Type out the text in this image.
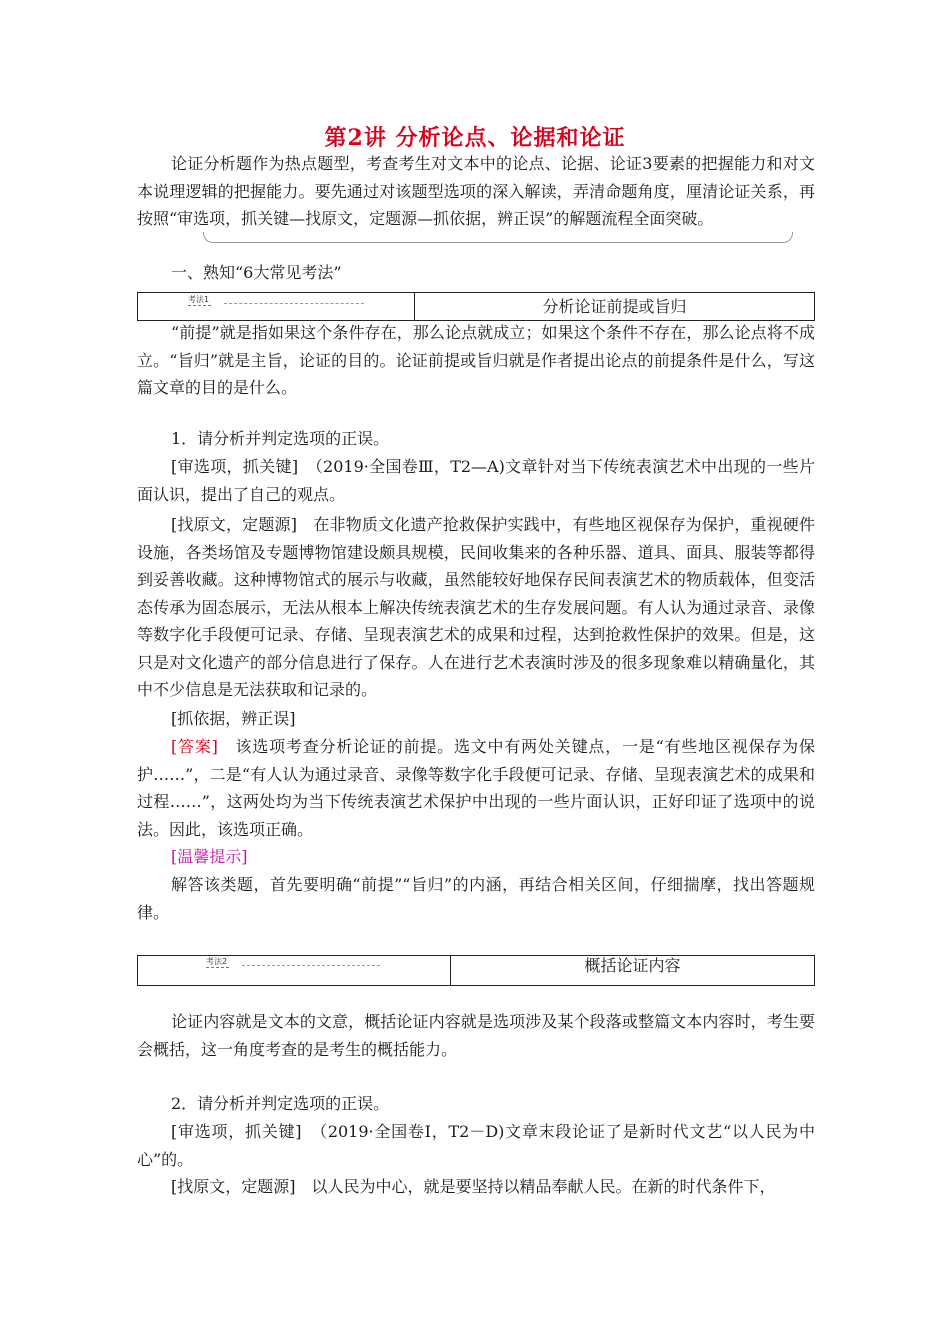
第2讲 分析论点、论据和论证
论证分析题作为热点题型，考查考生对文本中的论点、论据、论证3要素的把握能力和对文本说理逻辑的把握能力。要先通过对该题型选项的深入解读，弄清命题角度，厘清论证关系，再按照“审选项，抓关键—找原文，定题源—抓依据，辨正误”的解题流程全面突破。
一、熟知“6大常见考法”
考法1	分析论证前提或旨归
“前提”就是指如果这个条件存在，那么论点就成立；如果这个条件不存在，那么论点将不成立。“旨归”就是主旨，论证的目的。论证前提或旨归就是作者提出论点的前提条件是什么，写这篇文章的目的是什么。
1．请分析并判定选项的正误。
[审选项，抓关键]　 （2019·全国卷Ⅲ，T2—A)文章针对当下传统表演艺术中出现的一些片面认识，提出了自己的观点。
[找原文，定题源]　 在非物质文化遗产抢救保护实践中，有些地区视保存为保护，重视硬件设施，各类场馆及专题博物馆建设颇具规模，民间收集来的各种乐器、道具、面具、服装等都得到妥善收藏。这种博物馆式的展示与收藏，虽然能较好地保存民间表演艺术的物质载体，但变活态传承为固态展示，无法从根本上解决传统表演艺术的生存发展问题。有人认为通过录音、录像等数字化手段便可记录、存储、呈现表演艺术的成果和过程，达到抢救性保护的效果。但是，这只是对文化遗产的部分信息进行了保存。人在进行艺术表演时涉及的很多现象难以精确量化，其中不少信息是无法获取和记录的。
[抓依据，辨正误]
[答案]　 该选项考查分析论证的前提。选文中有两处关键点，一是“有些地区视保存为保护……”，二是“有人认为通过录音、录像等数字化手段便可记录、存储、呈现表演艺术的成果和过程……”，这两处均为当下传统表演艺术保护中出现的一些片面认识，正好印证了选项中的说法。因此，该选项正确。
[温馨提示]
解答该类题，首先要明确“前提”“旨归”的内涵，再结合相关区间，仔细揣摩，找出答题规律。
考法2	概括论证内容
论证内容就是文本的文意，概括论证内容就是选项涉及某个段落或整篇文本内容时，考生要会概括，这一角度考查的是考生的概括能力。
2．请分析并判定选项的正误。
[审选项，抓关键]　 （2019·全国卷Ⅰ，T2－D)文章末段论证了是新时代文艺“以人民为中心”的。
[找原文，定题源]　 以人民为中心，就是要坚持以精品奉献人民。在新的时代条件下，
